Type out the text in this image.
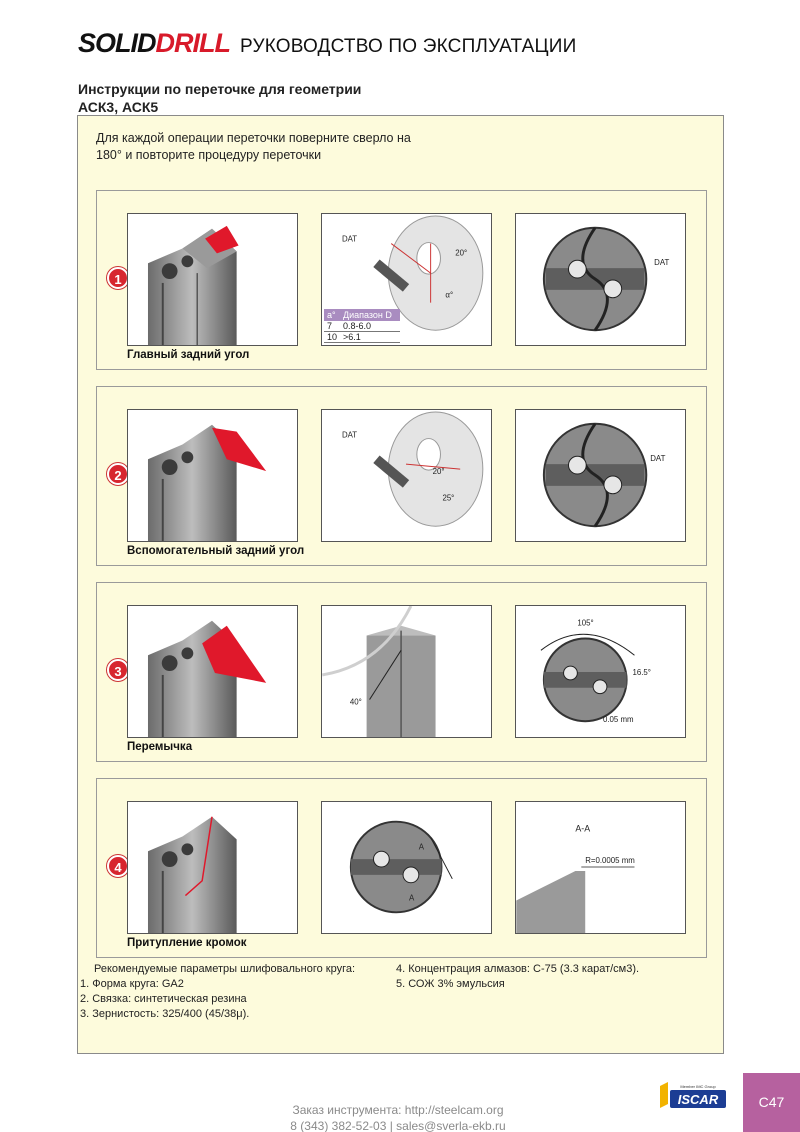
SOLIDDRILL РУКОВОДСТВО ПО ЭКСПЛУАТАЦИИ
Инструкции по переточке для геометрии АСК3, АСК5
Для каждой операции переточки поверните сверло на 180° и повторите процедуру переточки
1
DAT
20°
α°
a° Диапазон D
7	0.8-6.0
10 >6.1
DAT
Главный задний угол
2
DAT
20°
25°
DAT
Вспомогательный задний угол
3
40°
105°
16.5°
0.05 mm
Перемычка
4
A
A
A-A
R=0.0005 mm
Притупление кромок
Рекомендуемые параметры шлифовального круга:
1. Форма круга: GA2
2. Связка: синтетическая резина
3. Зернистость: 325/400 (45/38μ).
4. Концентрация алмазов: С-75 (3.3 карат/см3).
5. СОЖ 3% эмульсия
Заказ инструмента: http://steelcam.org
8 (343) 382-52-03 | sales@sverla-ekb.ru
Member IMC Group
ISCAR	C47
